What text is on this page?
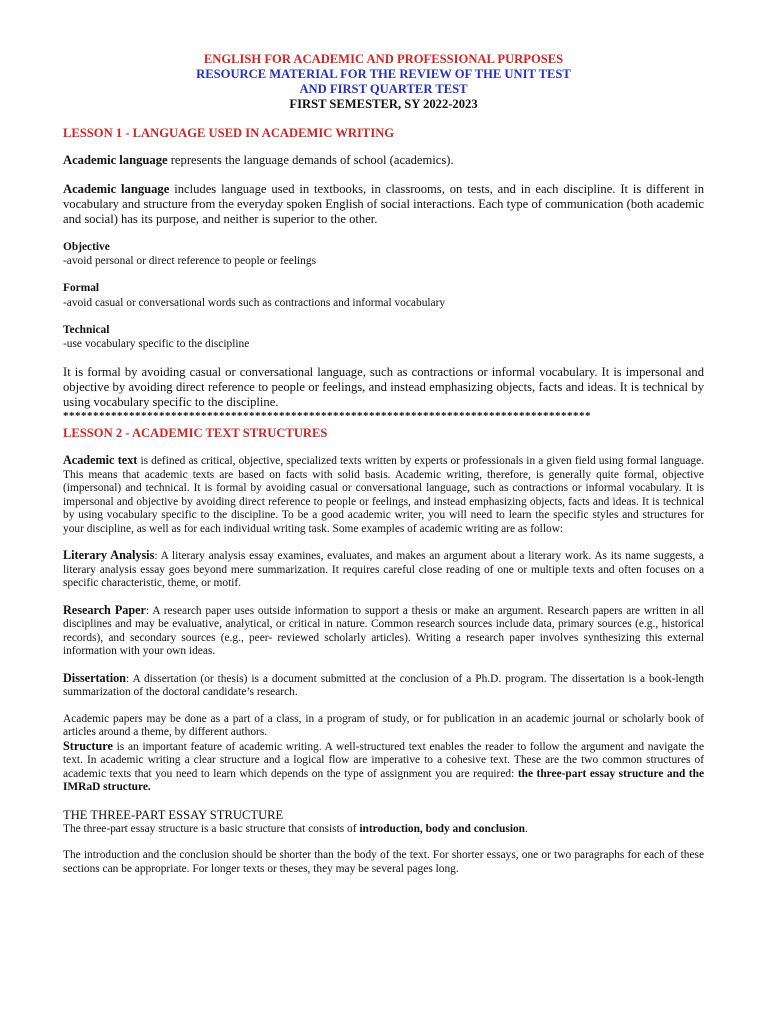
ENGLISH FOR ACADEMIC AND PROFESSIONAL PURPOSES
RESOURCE MATERIAL FOR THE REVIEW OF THE UNIT TEST
AND FIRST QUARTER TEST
FIRST SEMESTER, SY 2022-2023
LESSON 1 - LANGUAGE USED IN ACADEMIC WRITING

Academic language represents the language demands of school (academics).

Academic language includes language used in textbooks, in classrooms, on tests, and in each discipline. It is different in vocabulary and structure from the everyday spoken English of social interactions. Each type of communication (both academic and social) has its purpose, and neither is superior to the other.

Objective
-avoid personal or direct reference to people or feelings
Formal
-avoid casual or conversational words such as contractions and informal vocabulary
Technical
-use vocabulary specific to the discipline

It is formal by avoiding casual or conversational language, such as contractions or informal vocabulary. It is impersonal and objective by avoiding direct reference to people or feelings, and instead emphasizing objects, facts and ideas. It is technical by using vocabulary specific to the discipline.

****************************************************************************************
LESSON 2 - ACADEMIC TEXT STRUCTURES

Academic text is defined as critical, objective, specialized texts written by experts or professionals in a given field using formal language. This means that academic texts are based on facts with solid basis. Academic writing, therefore, is generally quite formal, objective (impersonal) and technical. It is formal by avoiding casual or conversational language, such as contractions or informal vocabulary. It is impersonal and objective by avoiding direct reference to people or feelings, and instead emphasizing objects, facts and ideas. It is technical by using vocabulary specific to the discipline. To be a good academic writer, you will need to learn the specific styles and structures for your discipline, as well as for each individual writing task. Some examples of academic writing are as follow:

Literary Analysis: A literary analysis essay examines, evaluates, and makes an argument about a literary work. As its name suggests, a literary analysis essay goes beyond mere summarization. It requires careful close reading of one or multiple texts and often focuses on a specific characteristic, theme, or motif.

Research Paper: A research paper uses outside information to support a thesis or make an argument. Research papers are written in all disciplines and may be evaluative, analytical, or critical in nature. Common research sources include data, primary sources (e.g., historical records), and secondary sources (e.g., peer- reviewed scholarly articles). Writing a research paper involves synthesizing this external information with your own ideas.

Dissertation: A dissertation (or thesis) is a document submitted at the conclusion of a Ph.D. program. The dissertation is a book-length summarization of the doctoral candidate’s research.

Academic papers may be done as a part of a class, in a program of study, or for publication in an academic journal or scholarly book of articles around a theme, by different authors.

Structure is an important feature of academic writing. A well-structured text enables the reader to follow the argument and navigate the text. In academic writing a clear structure and a logical flow are imperative to a cohesive text. These are the two common structures of academic texts that you need to learn which depends on the type of assignment you are required: the three-part essay structure and the IMRaD structure.

THE THREE-PART ESSAY STRUCTURE

The three-part essay structure is a basic structure that consists of introduction, body and conclusion.

The introduction and the conclusion should be shorter than the body of the text. For shorter essays, one or two paragraphs for each of these sections can be appropriate. For longer texts or theses, they may be several pages long.
